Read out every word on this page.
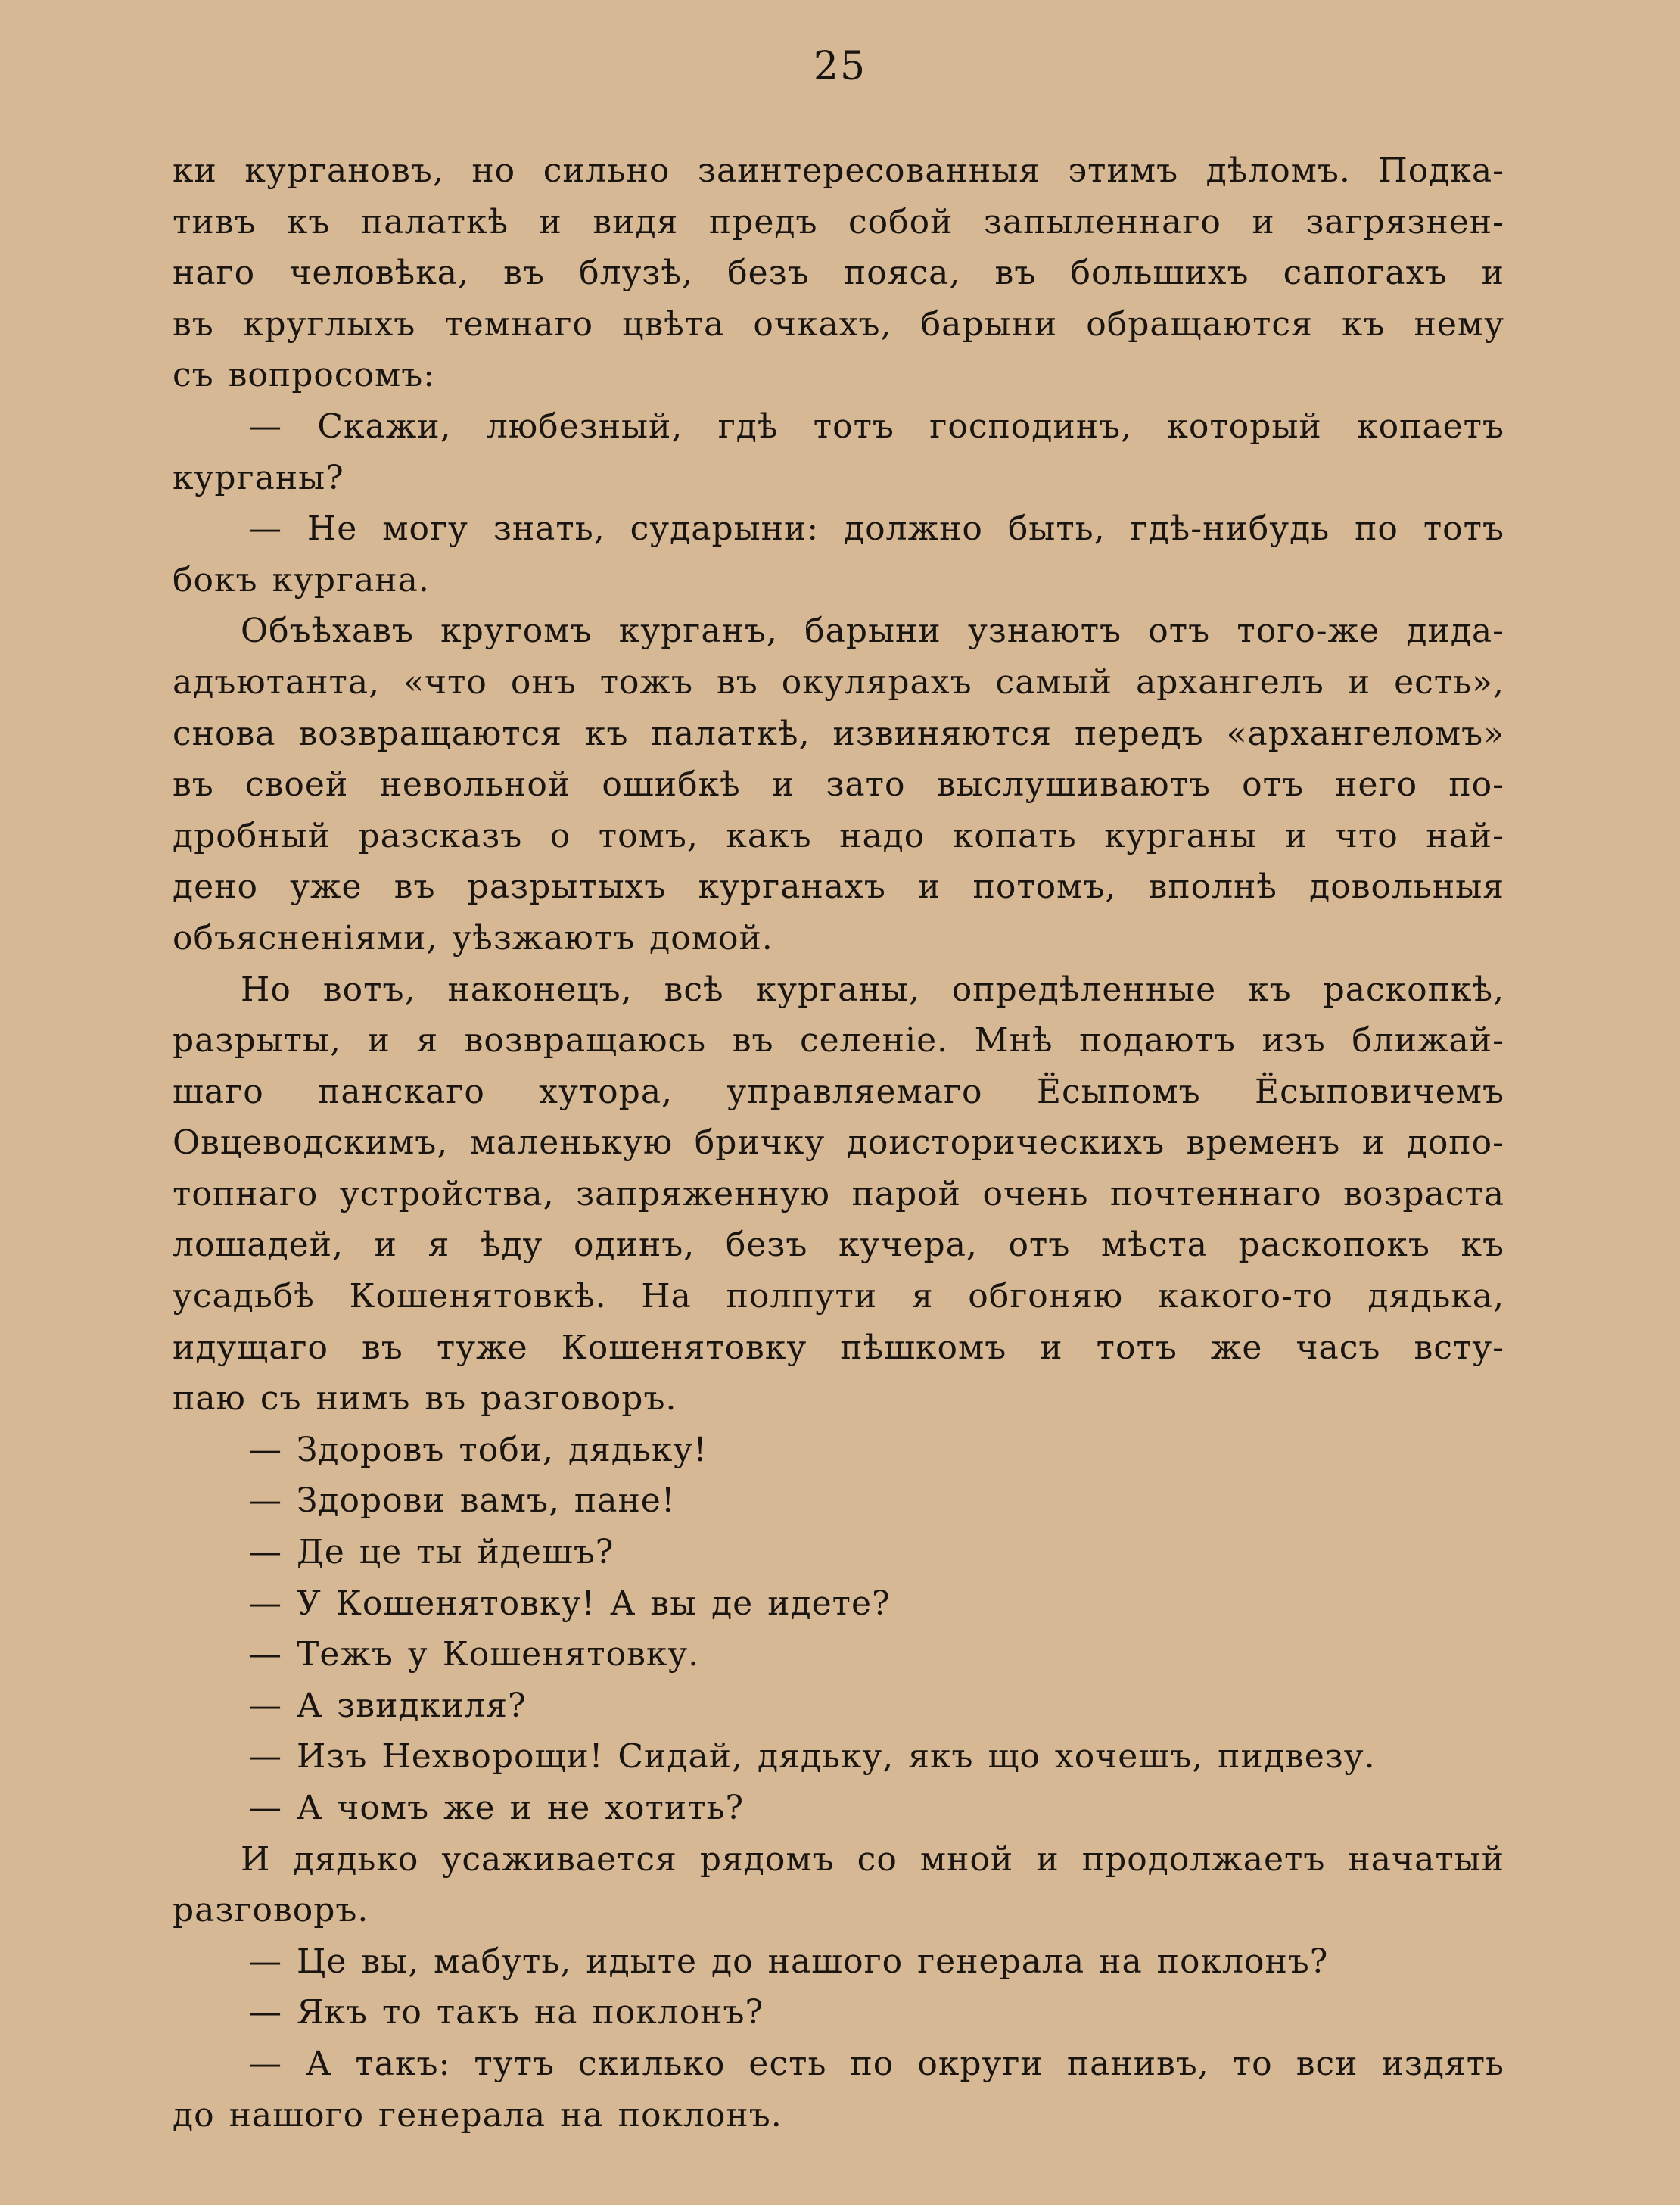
25
ки кургановъ, но сильно заинтересованныя этимъ дѣломъ. Подка-
тивъ къ палаткѣ и видя предъ собой запыленнаго и загрязнен-
наго человѣка, въ блузѣ, безъ пояса, въ большихъ сапогахъ и
въ круглыхъ темнаго цвѣта очкахъ, барыни обращаются къ нему
съ вопросомъ:
— Скажи, любезный, гдѣ тотъ господинъ, который копаетъ
курганы?
— Не могу знать, сударыни: должно быть, гдѣ-нибудь по тотъ
бокъ кургана.
Объѣхавъ кругомъ курганъ, барыни узнаютъ отъ того-же дида-
адъютанта, «что онъ тожъ въ окулярахъ самый архангелъ и есть»,
снова возвращаются къ палаткѣ, извиняются передъ «архангеломъ»
въ своей невольной ошибкѣ и зато выслушиваютъ отъ него по-
дробный разсказъ о томъ, какъ надо копать курганы и что най-
дено уже въ разрытыхъ курганахъ и потомъ, вполнѣ довольныя
объясненіями, уѣзжаютъ домой.
Но вотъ, наконецъ, всѣ курганы, опредѣленные къ раскопкѣ,
разрыты, и я возвращаюсь въ селеніе. Мнѣ подаютъ изъ ближай-
шаго панскаго хутора, управляемаго Ёсыпомъ Ёсыповичемъ
Овцеводскимъ, маленькую бричку доисторическихъ временъ и допо-
топнаго устройства, запряженную парой очень почтеннаго возраста
лошадей, и я ѣду одинъ, безъ кучера, отъ мѣста раскопокъ къ
усадьбѣ Кошенятовкѣ. На полпути я обгоняю какого-то дядька,
идущаго въ туже Кошенятовку пѣшкомъ и тотъ же часъ всту-
паю съ нимъ въ разговоръ.
— Здоровъ тоби, дядьку!
— Здорови вамъ, пане!
— Де це ты йдешъ?
— У Кошенятовку! А вы де идете?
— Тежъ у Кошенятовку.
— А звидкиля?
— Изъ Нехворощи! Сидай, дядьку, якъ що хочешъ, пидвезу.
— А чомъ же и не хотить?
И дядько усаживается рядомъ со мной и продолжаетъ начатый
разговоръ.
— Це вы, мабуть, идыте до нашого генерала на поклонъ?
— Якъ то такъ на поклонъ?
— А такъ: тутъ скилько есть по округи панивъ, то вси издять
до нашого генерала на поклонъ.
